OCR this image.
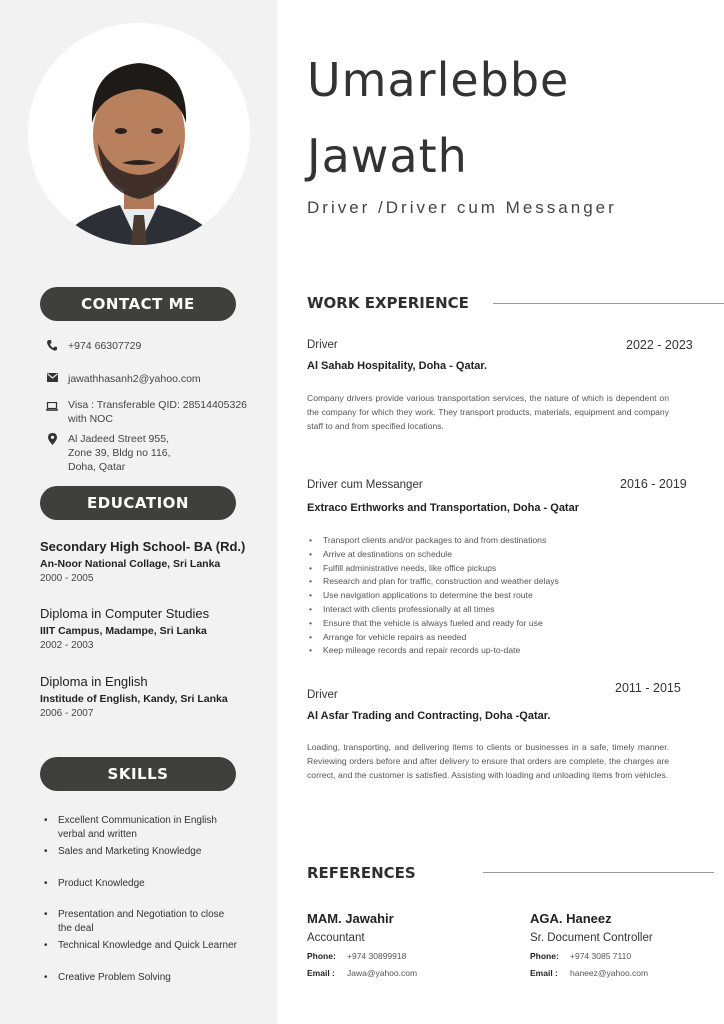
CONTACT ME
+974 66307729
jawathhasanh2@yahoo.com
Visa : Transferable QID: 28514405326
with NOC
Al Jadeed Street 955,
Zone 39, Bldg no 116,
Doha, Qatar
EDUCATION
Secondary High School- BA (Rd.)
An-Noor National Collage, Sri Lanka
2000 - 2005
Diploma in Computer Studies
IIIT Campus, Madampe, Sri Lanka
2002 - 2003
Diploma in English
Institude of English, Kandy, Sri Lanka
2006 - 2007
SKILLS
•	Excellent Communication in English
verbal and written
•	Sales and Marketing Knowledge
•	Product Knowledge
•	Presentation and Negotiation to close
the deal
•	Technical Knowledge and Quick Learner
•	Creative Problem Solving
Umarlebbe
Jawath
Driver /Driver cum Messanger
WORK EXPERIENCE
Driver	2022 - 2023
Al Sahab Hospitality, Doha - Qatar.
Company drivers provide various transportation services, the nature of which is dependent on the company for which they work. They transport products, materials, equipment and company staff to and from specified locations.
Driver cum Messanger	2016 - 2019
Extraco Erthworks and Transportation, Doha - Qatar
•	Transport clients and/or packages to and from destinations
•	Arrive at destinations on schedule
•	Fulfill administrative needs, like office pickups
•	Research and plan for traffic, construction and weather delays
•	Use navigation applications to determine the best route
•	Interact with clients professionally at all times
•	Ensure that the vehicle is always fueled and ready for use
•	Arrange for vehicle repairs as needed
•	Keep mileage records and repair records up-to-date
Driver	2011 - 2015
Al Asfar Trading and Contracting, Doha -Qatar.
Loading, transporting, and delivering items to clients or businesses in a safe, timely manner. Reviewing orders before and after delivery to ensure that orders are complete, the charges are correct, and the customer is satisfied. Assisting with loading and unloading items from vehicles.
REFERENCES
MAM. Jawahir
Accountant
Phone:	+974 30899918
Email :	Jawa@yahoo.com
AGA. Haneez
Sr. Document Controller
Phone:	+974 3085 7110
Email :	haneez@yahoo.com
